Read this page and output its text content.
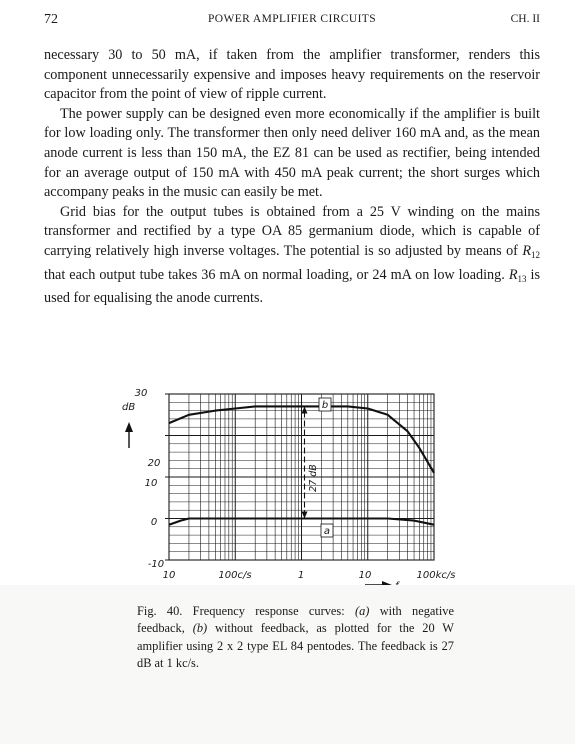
72	POWER AMPLIFIER CIRCUITS	CH. II

necessary 30 to 50 mA, if taken from the amplifier transformer, renders this component unnecessarily expensive and imposes heavy requirements on the reservoir capacitor from the point of view of ripple current.

The power supply can be designed even more economically if the amplifier is built for low loading only. The transformer then only need deliver 160 mA and, as the mean anode current is less than 150 mA, the EZ 81 can be used as rectifier, being intended for an average output of 150 mA with 450 mA peak current; the short surges which accompany peaks in the music can easily be met.

Grid bias for the output tubes is obtained from a 25 V winding on the mains transformer and rectified by a type OA 85 germanium diode, which is capable of carrying relatively high inverse voltages. The potential is so adjusted by means of $R_{12}$ that each output tube takes 36 mA on normal loading, or 24 mA on low loading. $R_{13}$ is used for equalising the anode currents.

30
dB
20
10
0
-10
10	100c/s	1	10	100kc/s
b
a
27 dB
Fig. 40. Frequency response curves: (a) with negative feedback, (b) without feedback, as plotted for the 20 W amplifier using 2 x 2 type EL 84 pentodes. The feedback is 27 dB at 1 kc/s.
